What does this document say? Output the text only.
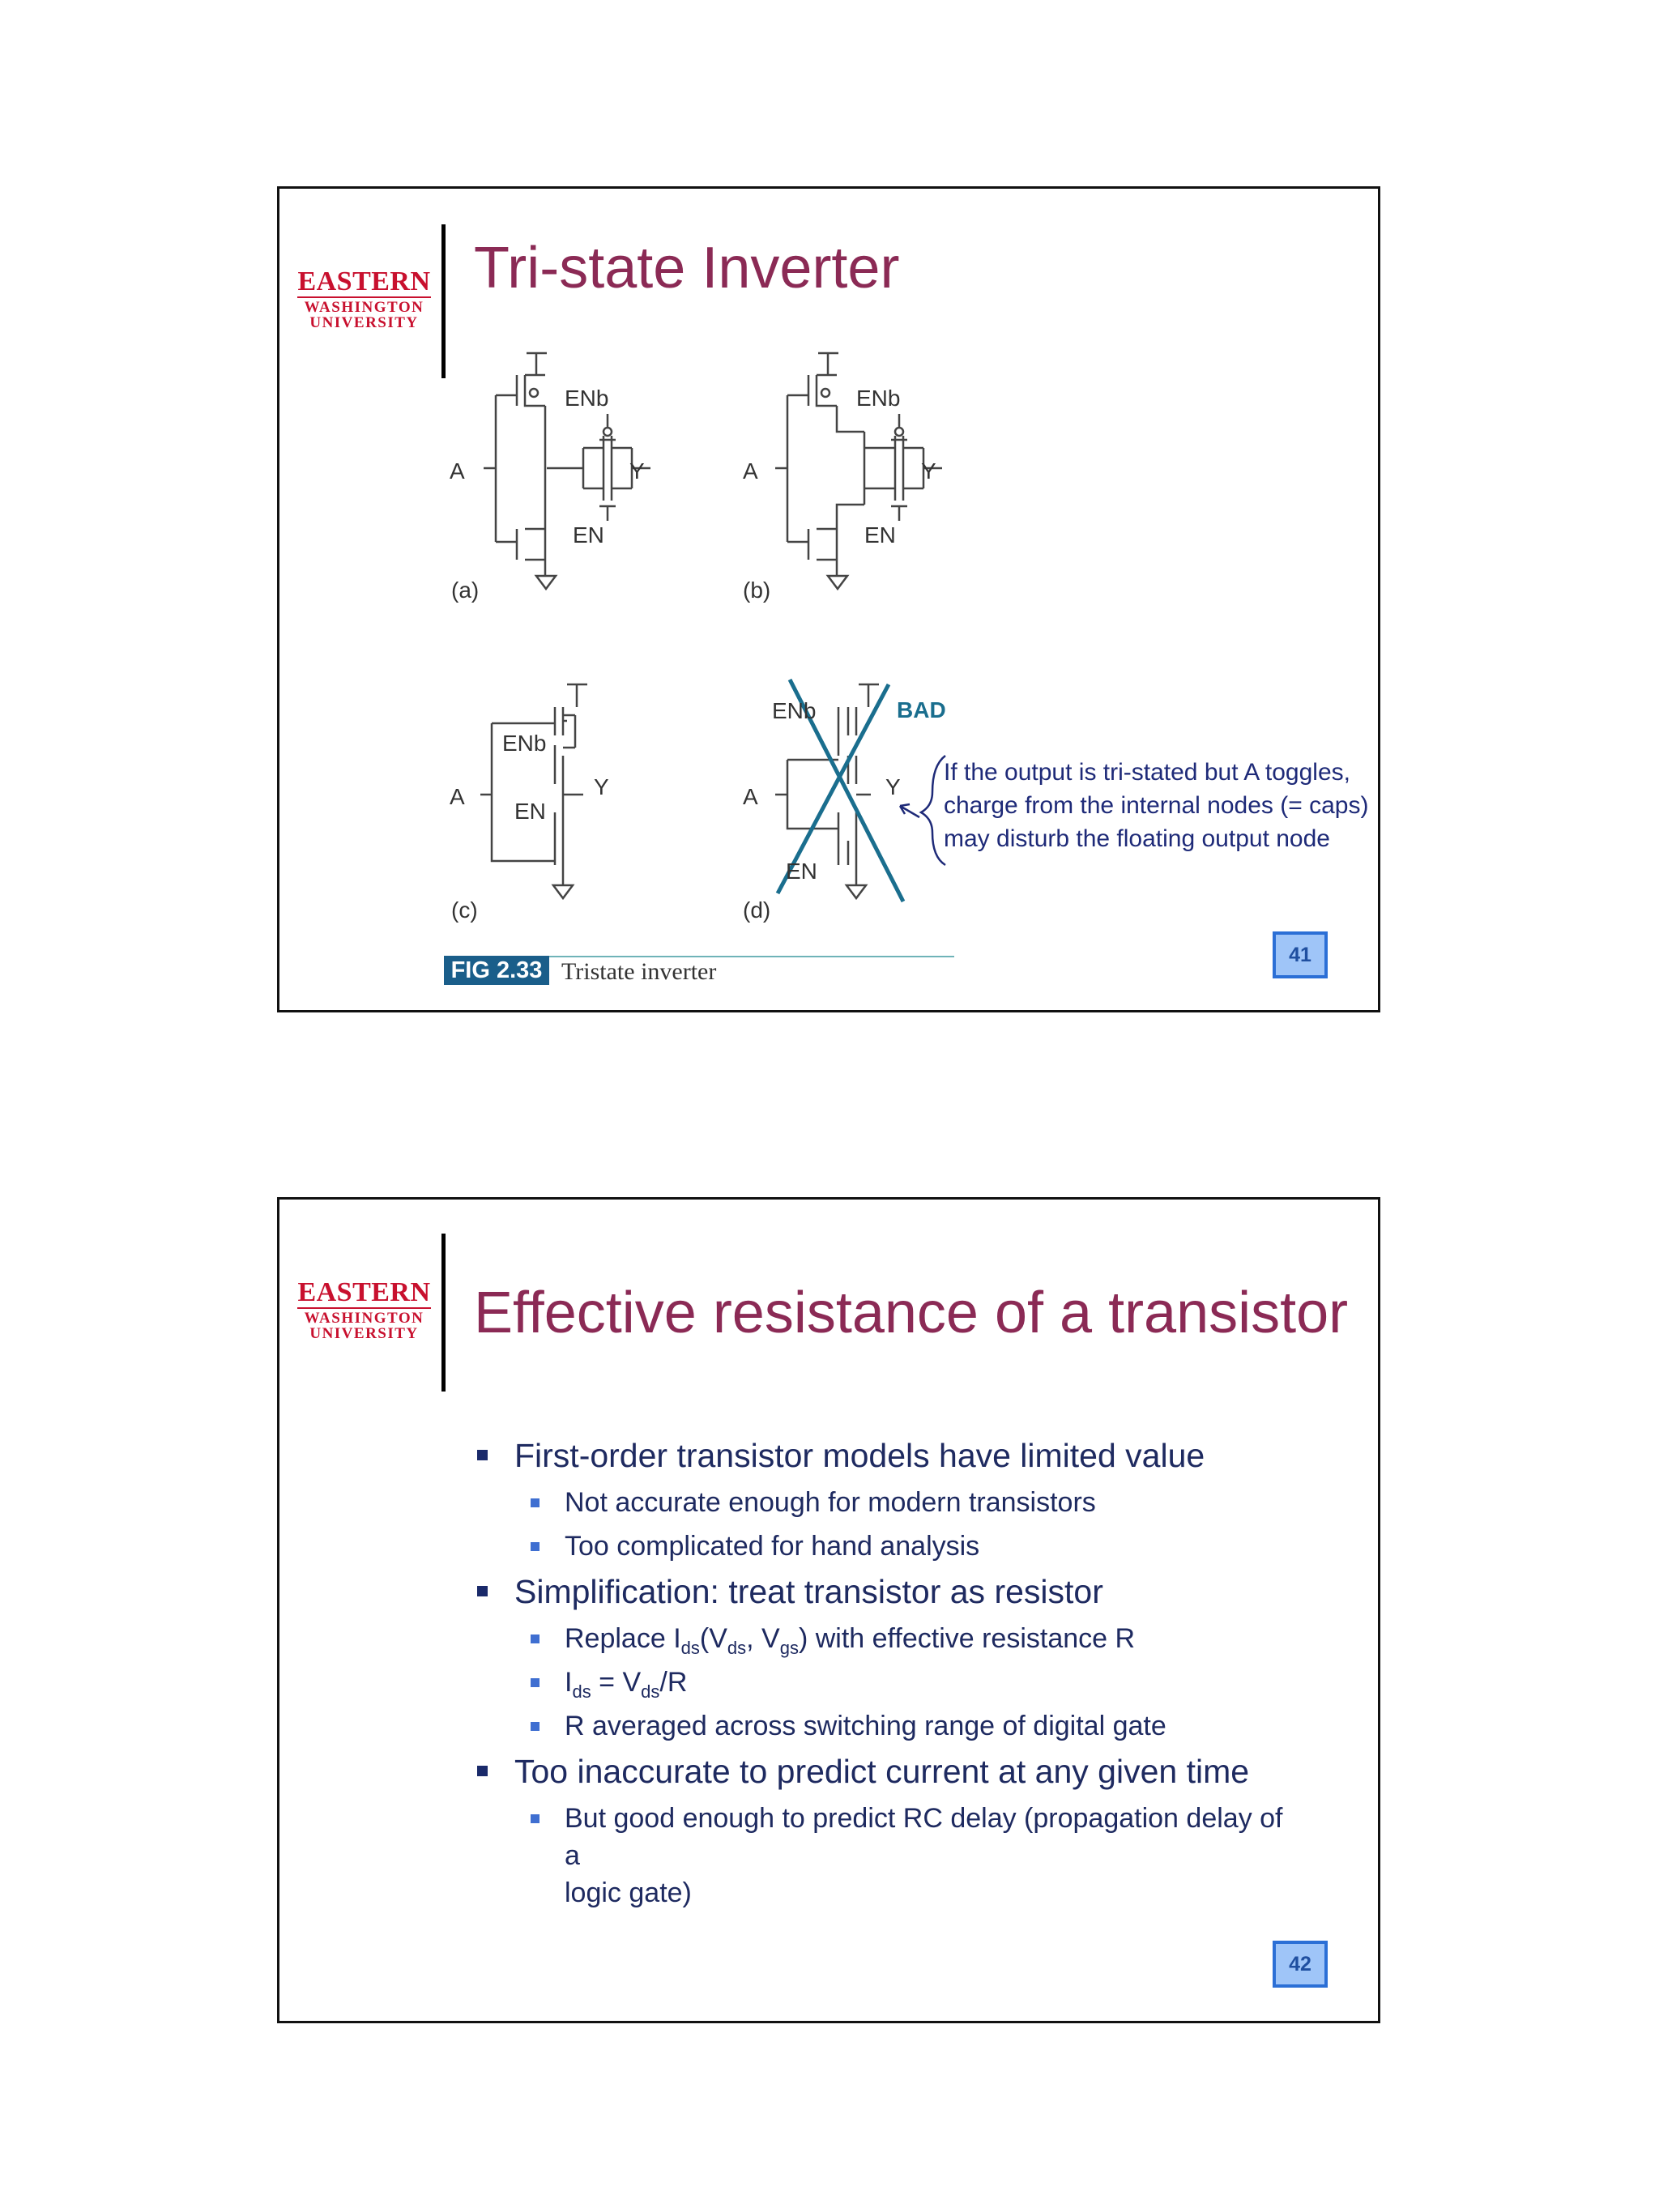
EASTERN
WASHINGTON
UNIVERSITY
Tri-state Inverter
A
ENb
EN
Y
(a)
A
ENb
EN
Y
(b)
A
ENb
EN
Y
(c)
A
ENb
EN
Y
(d)
BAD
FIG 2.33 Tristate inverter
If the output is tri-stated but A toggles,
charge from the internal nodes (= caps)
may disturb the floating output node
41
EASTERN
WASHINGTON
UNIVERSITY Effective resistance of a transistor
First-order transistor models have limited value
Not accurate enough for modern transistors
Too complicated for hand analysis
Simplification: treat transistor as resistor
Replace $I_{ds}(V_{ds}$, $V_{gs}$) with effective resistance R
$I_{ds} = V_{ds}/R$
R averaged across switching range of digital gate
Too inaccurate to predict current at any given time
But good enough to predict RC delay (propagation delay of a
logic gate)
42
